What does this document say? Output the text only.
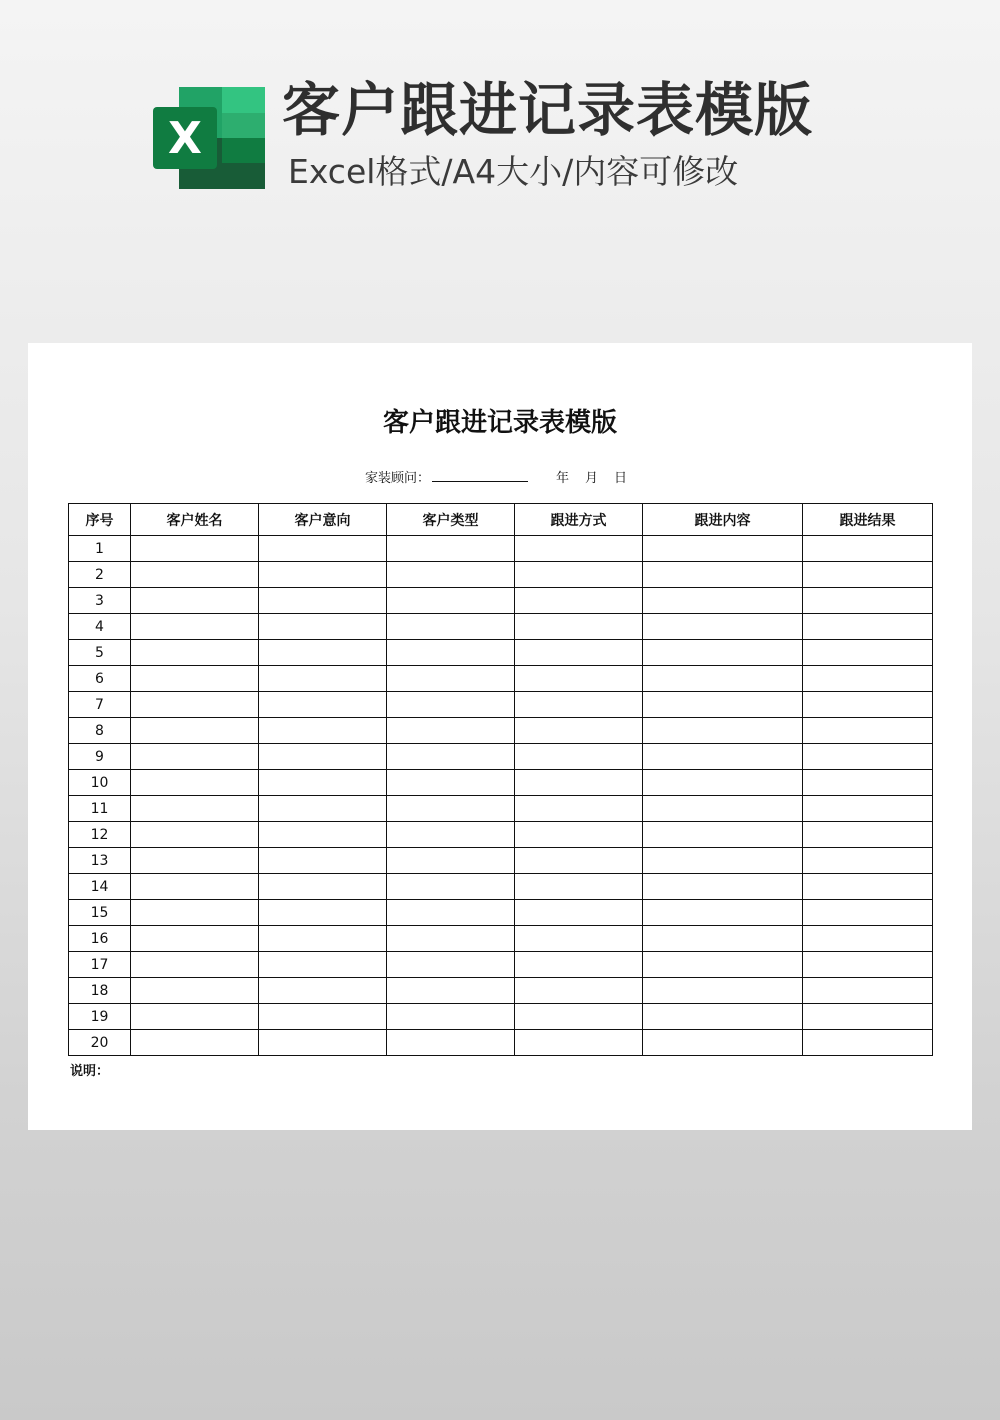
X 客户跟进记录表模版
Excel格式/A4大小/内容可修改
客户跟进记录表模版
家装顾问：	年 月 日
序号	客户姓名	客户意向	客户类型	跟进方式	跟进内容	跟进结果
1						
2						
3						
4						
5						
6						
7						
8						
9						
10						
11						
12						
13						
14						
15						
16						
17						
18						
19						
20						
说明：
